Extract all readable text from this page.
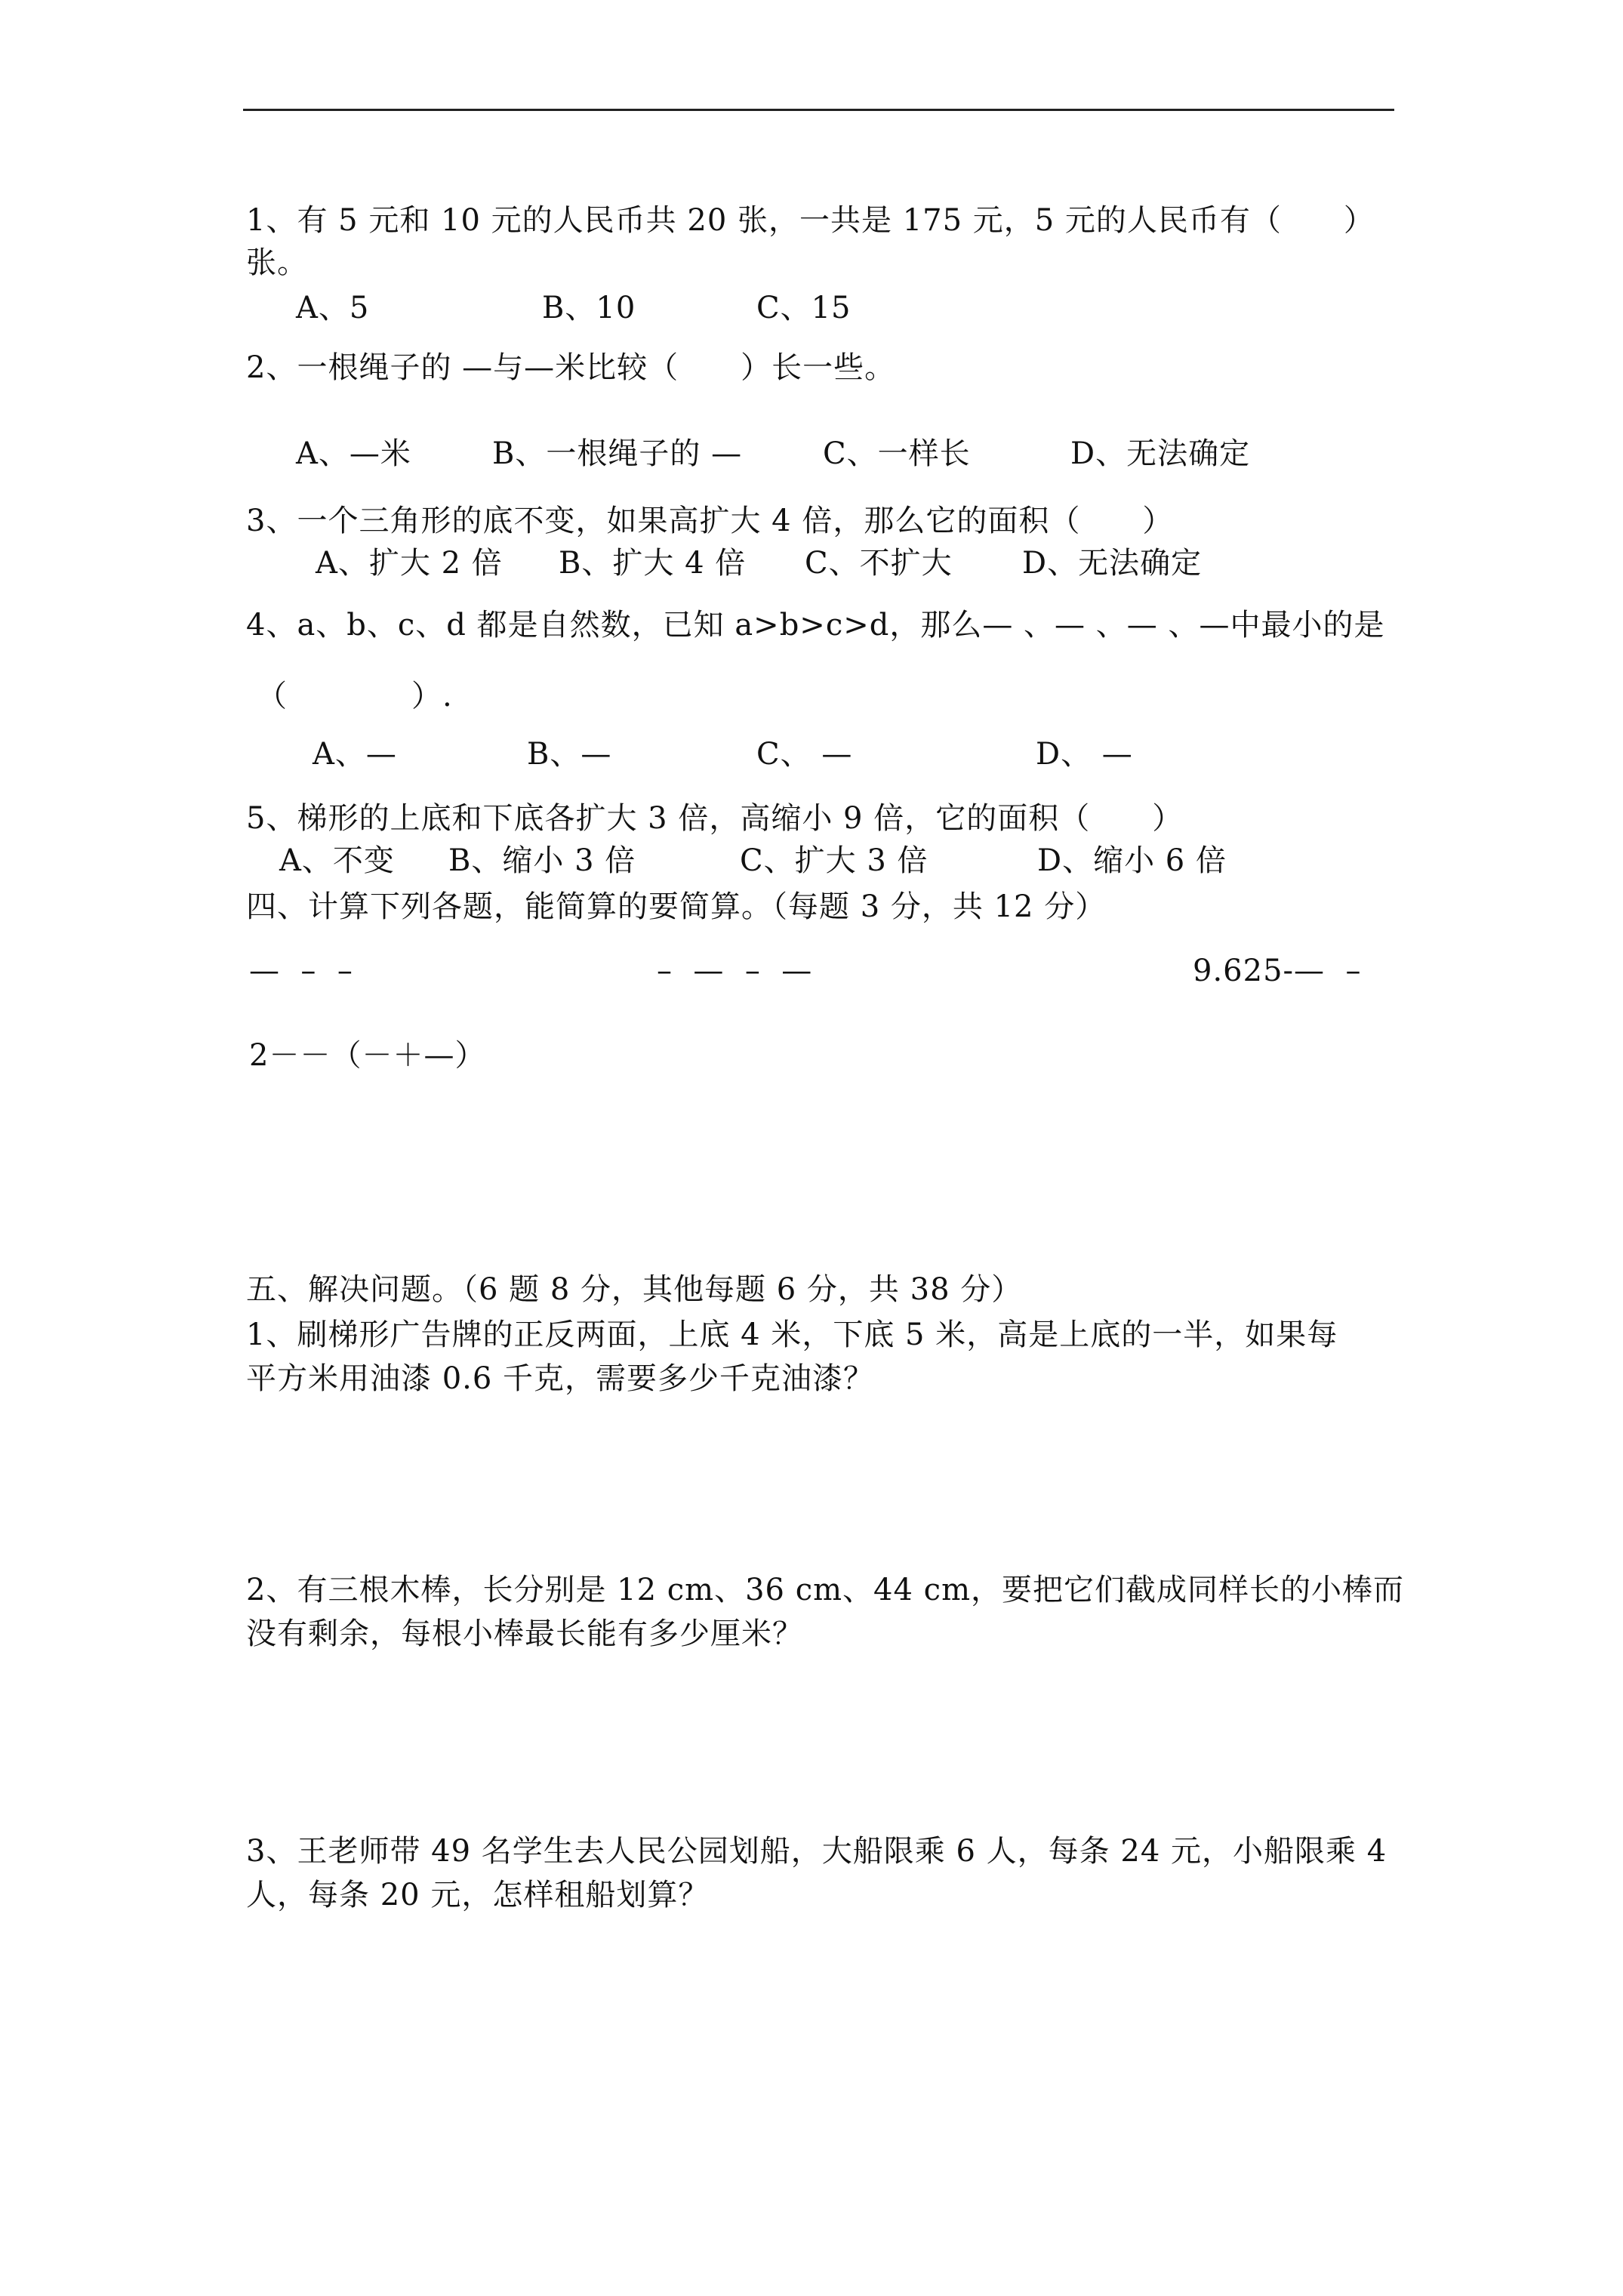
1、有 5 元和 10 元的人民币共 20 张，一共是 175 元，5 元的人民币有（　　）
张。
A、5	B、10	C、15
2、一根绳子的 —与—米比较（　　）长一些。
A、—米	B、一根绳子的 —	C、一样长	D、无法确定
3、一个三角形的底不变，如果高扩大 4 倍，那么它的面积（　　）
A、扩大 2 倍 B、扩大 4 倍 C、不扩大 D、无法确定
4、a、b、c、d 都是自然数，已知 a>b>c>d，那么— 、— 、— 、—中最小的是
（　　　　）.
A、—	B、—	C、 —	D、 —
5、梯形的上底和下底各扩大 3 倍，高缩小 9 倍，它的面积（　　）
A、不变 B、缩小 3 倍	C、扩大 3 倍	D、缩小 6 倍
四、计算下列各题，能简算的要简算。（每题 3 分，共 12 分）
—  –  –	–  —  –  —	9.625-—  –
2－－（－＋—）
五、解决问题。（6 题 8 分，其他每题 6 分，共 38 分）
1、刷梯形广告牌的正反两面，上底 4 米，下底 5 米，高是上底的一半，如果每
平方米用油漆 0.6 千克，需要多少千克油漆？
2、有三根木棒，长分别是 12 cm、36 cm、44 cm，要把它们截成同样长的小棒而
没有剩余，每根小棒最长能有多少厘米？
3、王老师带 49 名学生去人民公园划船，大船限乘 6 人，每条 24 元，小船限乘 4
人，每条 20 元，怎样租船划算？
